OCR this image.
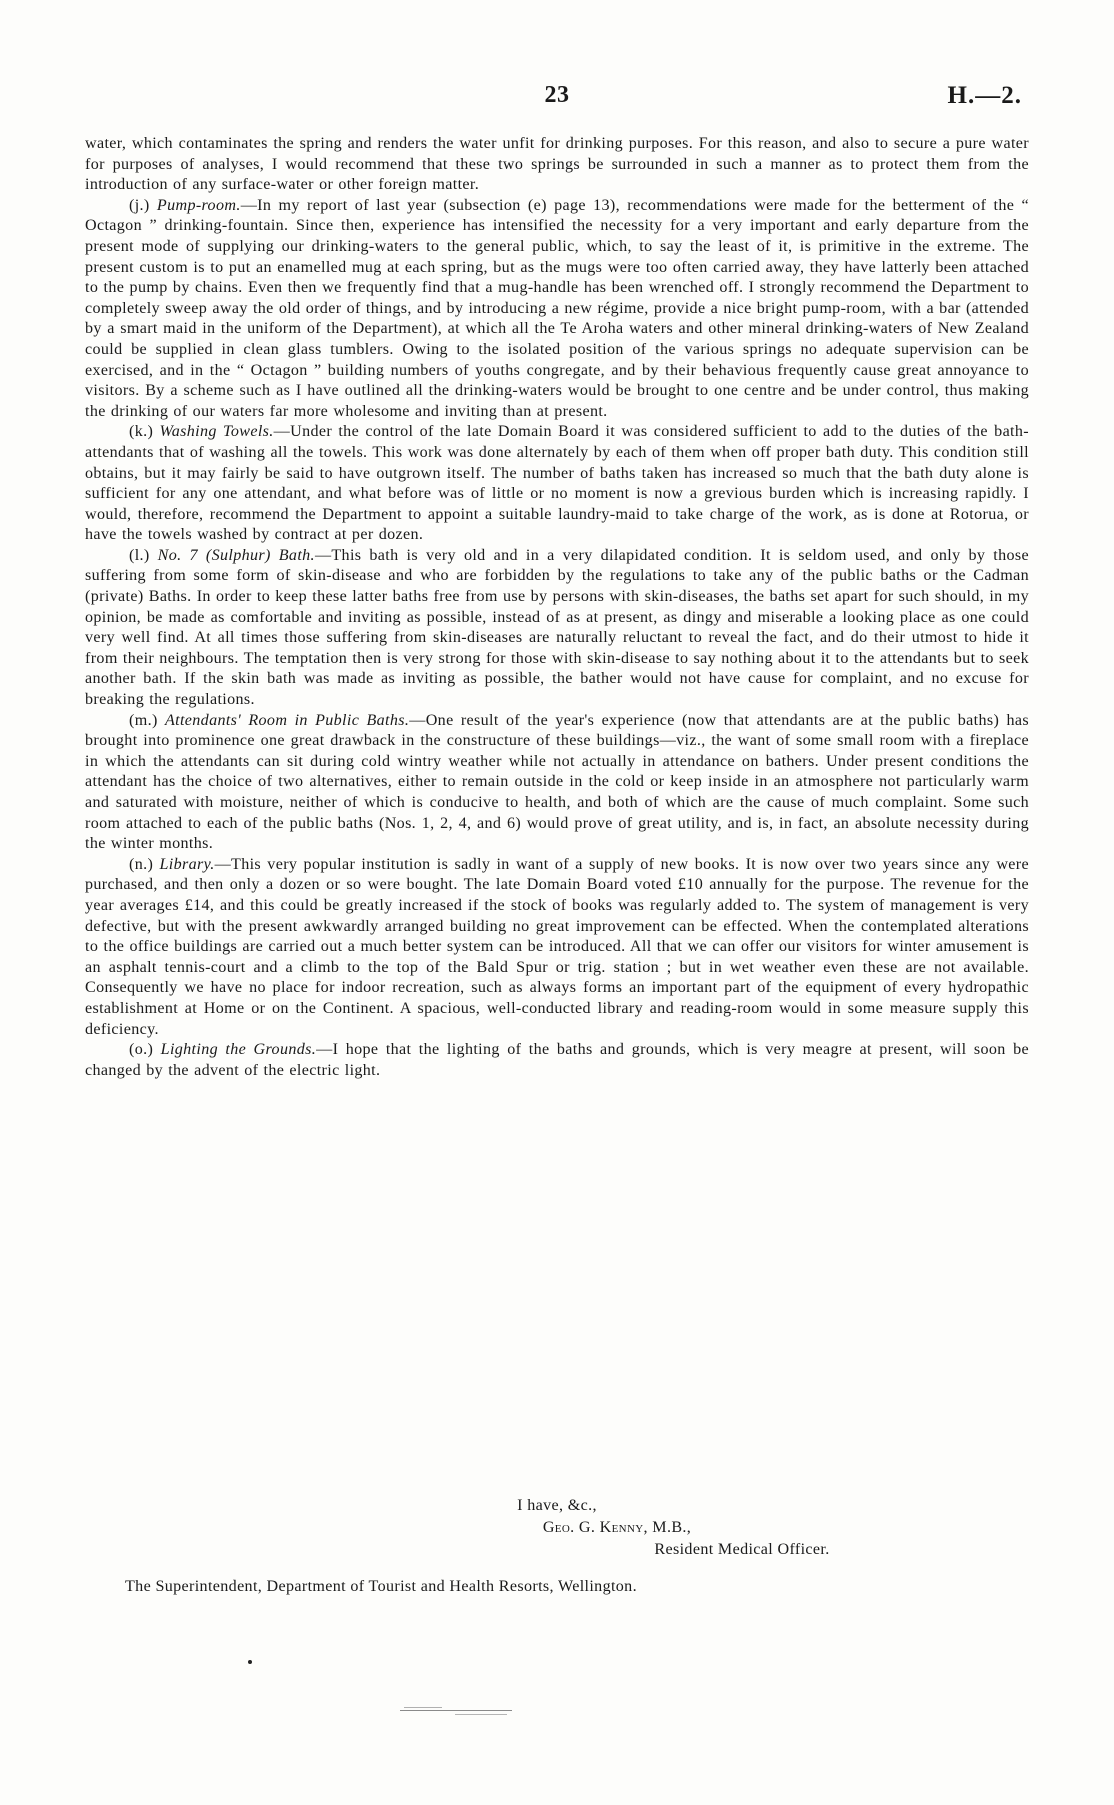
23	H.—2.

water, which contaminates the spring and renders the water unfit for drinking purposes. For this reason, and also to secure a pure water for purposes of analyses, I would recommend that these two springs be surrounded in such a manner as to protect them from the introduction of any surface-water or other foreign matter.

(j.) Pump-room.—In my report of last year (subsection (e) page 13), recommendations were made for the betterment of the “ Octagon ” drinking-fountain. Since then, experience has intensified the necessity for a very important and early departure from the present mode of supplying our drinking-waters to the general public, which, to say the least of it, is primitive in the extreme. The present custom is to put an enamelled mug at each spring, but as the mugs were too often carried away, they have latterly been attached to the pump by chains. Even then we frequently find that a mug-handle has been wrenched off. I strongly recommend the Department to completely sweep away the old order of things, and by introducing a new régime, provide a nice bright pump-room, with a bar (attended by a smart maid in the uniform of the Department), at which all the Te Aroha waters and other mineral drinking-waters of New Zealand could be supplied in clean glass tumblers. Owing to the isolated position of the various springs no adequate supervision can be exercised, and in the “ Octagon ” building numbers of youths congregate, and by their behavious frequently cause great annoyance to visitors. By a scheme such as I have outlined all the drinking-waters would be brought to one centre and be under control, thus making the drinking of our waters far more wholesome and inviting than at present.

(k.) Washing Towels.—Under the control of the late Domain Board it was considered sufficient to add to the duties of the bath-attendants that of washing all the towels. This work was done alternately by each of them when off proper bath duty. This condition still obtains, but it may fairly be said to have outgrown itself. The number of baths taken has increased so much that the bath duty alone is sufficient for any one attendant, and what before was of little or no moment is now a grevious burden which is increasing rapidly. I would, therefore, recommend the Department to appoint a suitable laundry-maid to take charge of the work, as is done at Rotorua, or have the towels washed by contract at per dozen.

(l.) No. 7 (Sulphur) Bath.—This bath is very old and in a very dilapidated condition. It is seldom used, and only by those suffering from some form of skin-disease and who are forbidden by the regulations to take any of the public baths or the Cadman (private) Baths. In order to keep these latter baths free from use by persons with skin-diseases, the baths set apart for such should, in my opinion, be made as comfortable and inviting as possible, instead of as at present, as dingy and miserable a looking place as one could very well find. At all times those suffering from skin-diseases are naturally reluctant to reveal the fact, and do their utmost to hide it from their neighbours. The temptation then is very strong for those with skin-disease to say nothing about it to the attendants but to seek another bath. If the skin bath was made as inviting as possible, the bather would not have cause for complaint, and no excuse for breaking the regulations.

(m.) Attendants' Room in Public Baths.—One result of the year's experience (now that attendants are at the public baths) has brought into prominence one great drawback in the constructure of these buildings—viz., the want of some small room with a fireplace in which the attendants can sit during cold wintry weather while not actually in attendance on bathers. Under present conditions the attendant has the choice of two alternatives, either to remain outside in the cold or keep inside in an atmosphere not particularly warm and saturated with moisture, neither of which is conducive to health, and both of which are the cause of much complaint. Some such room attached to each of the public baths (Nos. 1, 2, 4, and 6) would prove of great utility, and is, in fact, an absolute necessity during the winter months.

(n.) Library.—This very popular institution is sadly in want of a supply of new books. It is now over two years since any were purchased, and then only a dozen or so were bought. The late Domain Board voted £10 annually for the purpose. The revenue for the year averages £14, and this could be greatly increased if the stock of books was regularly added to. The system of management is very defective, but with the present awkwardly arranged building no great improvement can be effected. When the contemplated alterations to the office buildings are carried out a much better system can be introduced. All that we can offer our visitors for winter amusement is an asphalt tennis-court and a climb to the top of the Bald Spur or trig. station ; but in wet weather even these are not available. Consequently we have no place for indoor recreation, such as always forms an important part of the equipment of every hydropathic establishment at Home or on the Continent. A spacious, well-conducted library and reading-room would in some measure supply this deficiency.

(o.) Lighting the Grounds.—I hope that the lighting of the baths and grounds, which is very meagre at present, will soon be changed by the advent of the electric light.

I have, &c.,
Geo. G. Kenny, M.B.,
Resident Medical Officer.
The Superintendent, Department of Tourist and Health Resorts, Wellington.
